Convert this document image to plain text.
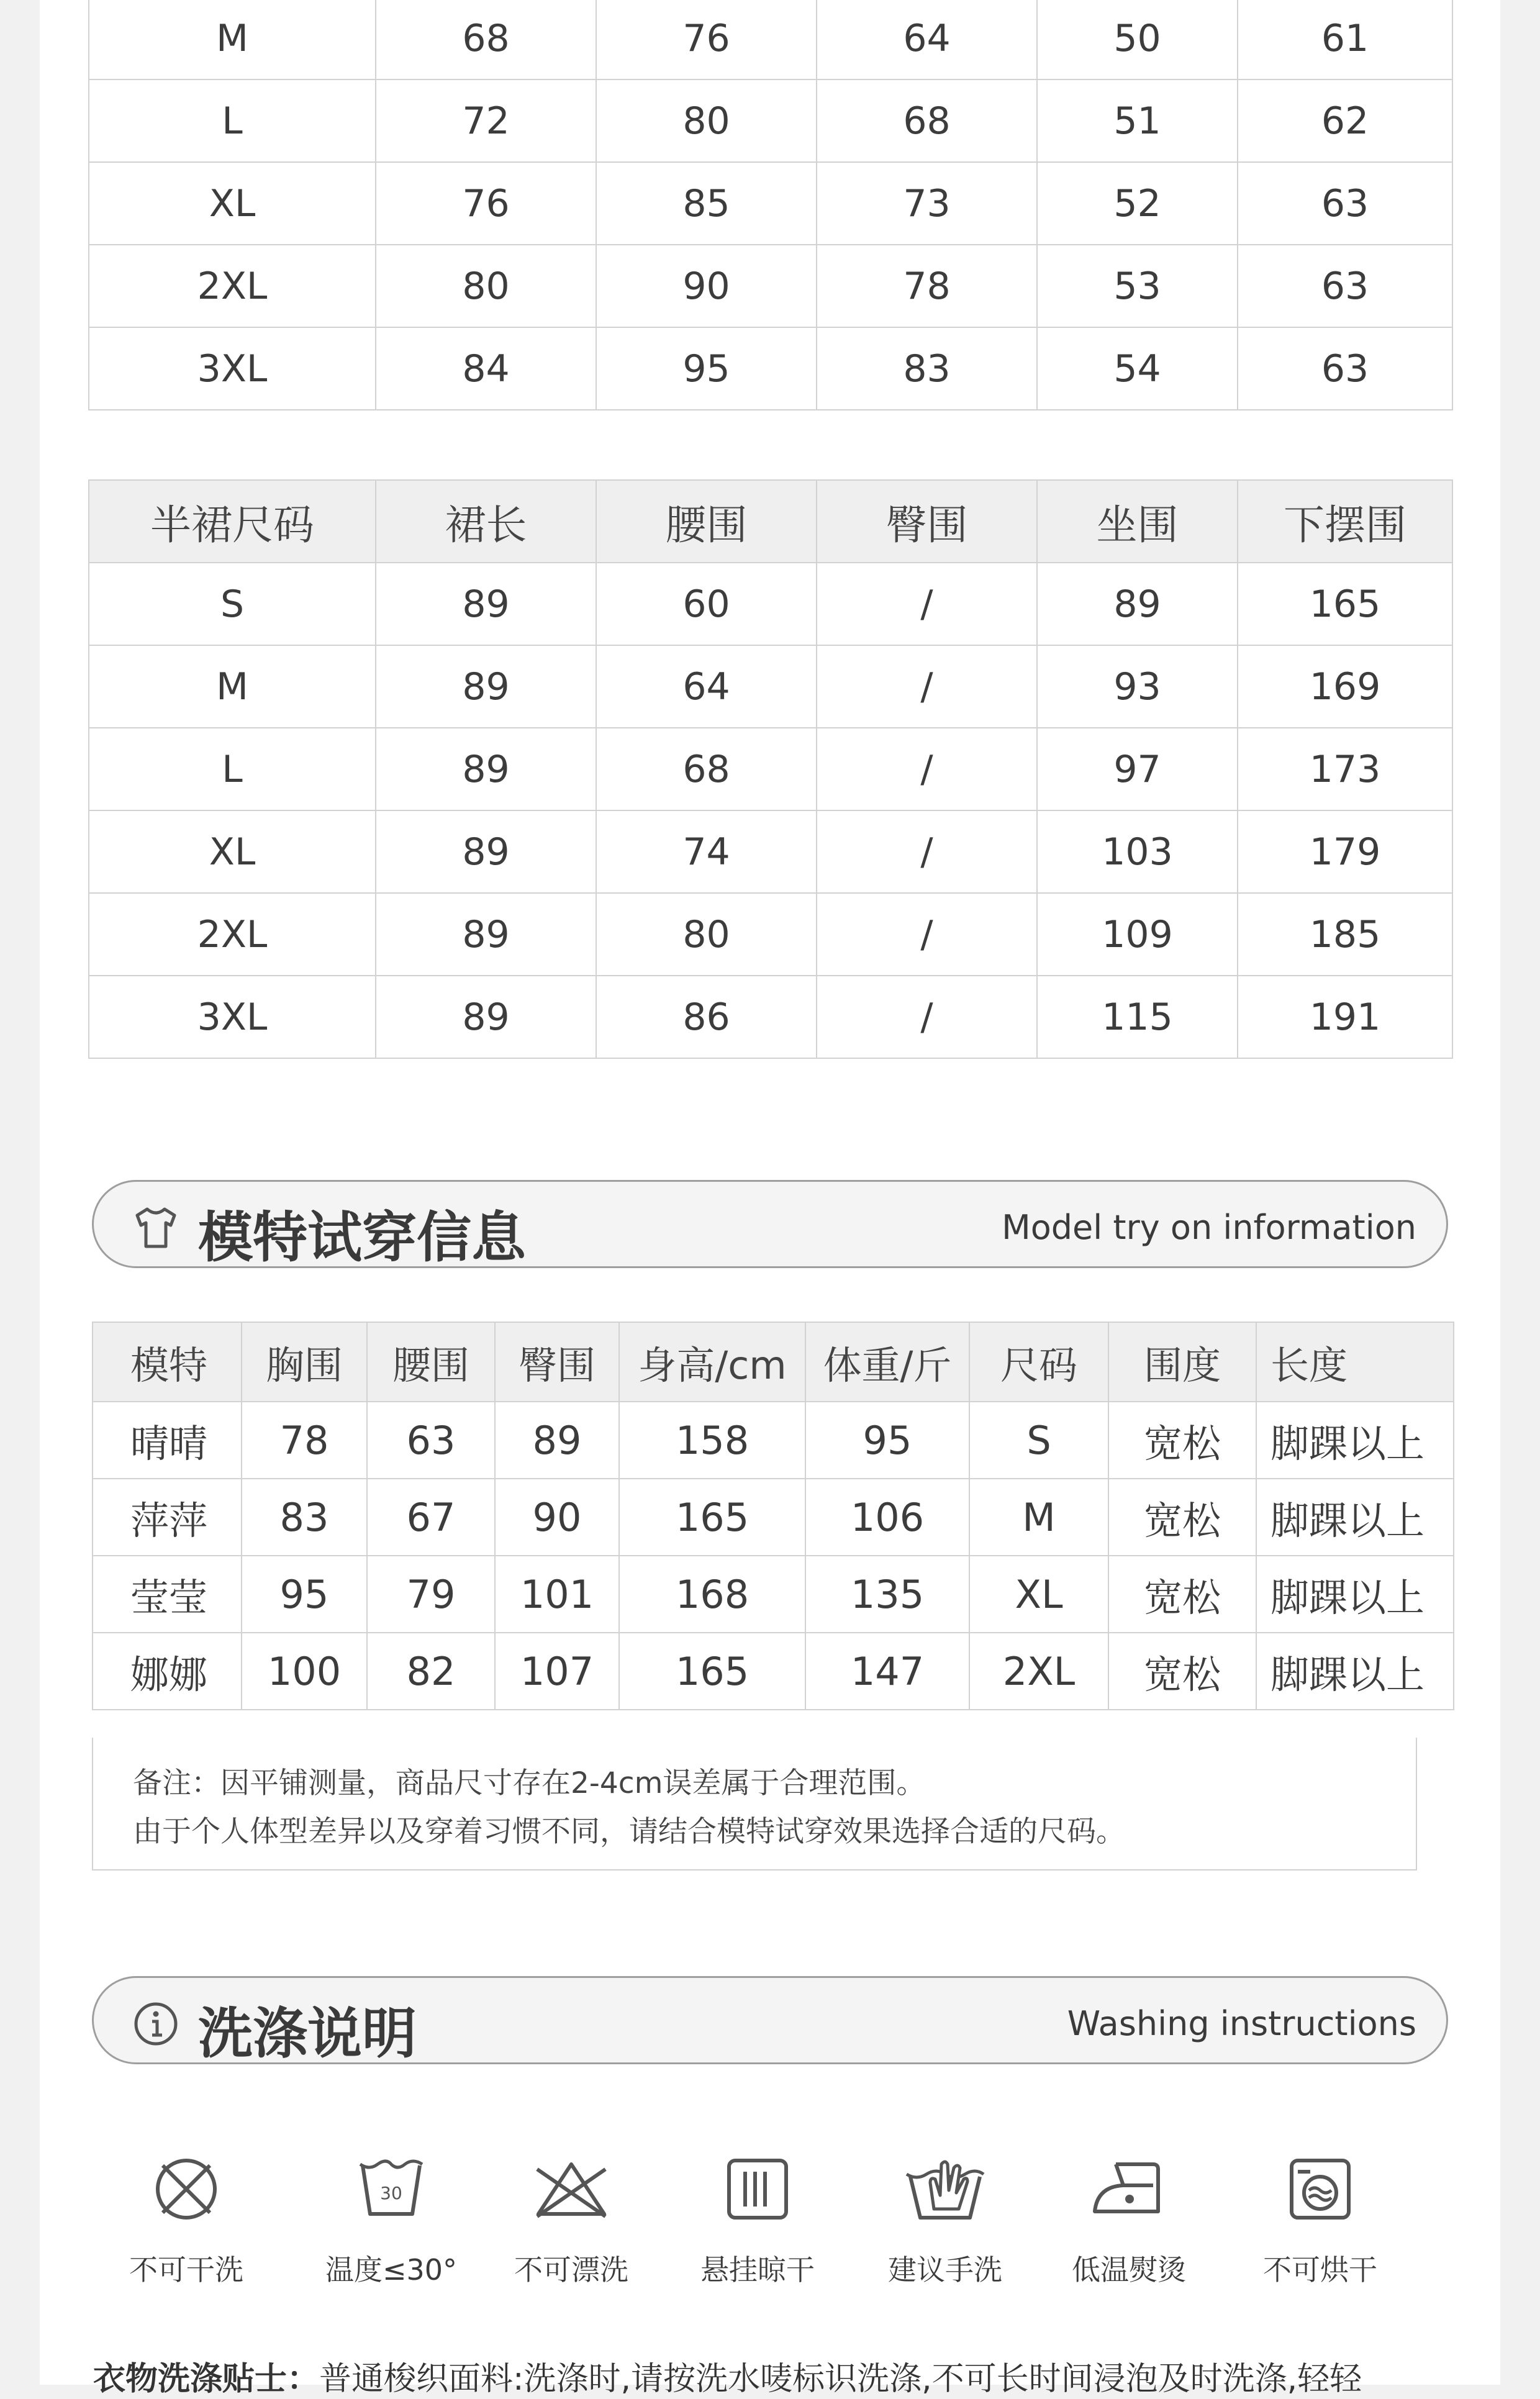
M	68	76	64	50	61
L	72	80	68	51	62
XL	76	85	73	52	63
2XL	80	90	78	53	63
3XL	84	95	83	54	63
半裙尺码	裙长	腰围	臀围	坐围	下摆围
S	89	60	/	89	165
M	89	64	/	93	169
L	89	68	/	97	173
XL	89	74	/	103	179
2XL	89	80	/	109	185
3XL	89	86	/	115	191
模特试穿信息	Model try on information
模特	胸围	腰围	臀围	身高/cm	体重/斤	尺码	围度	长度
晴晴	78	63	89	158	95	S	宽松	脚踝以上
萍萍	83	67	90	165	106	M	宽松	脚踝以上
莹莹	95	79	101	168	135	XL	宽松	脚踝以上
娜娜	100	82	107	165	147	2XL	宽松	脚踝以上
备注：因平铺测量，商品尺寸存在2-4cm误差属于合理范围。
由于个人体型差异以及穿着习惯不同，请结合模特试穿效果选择合适的尺码。
洗涤说明	Washing instructions
不可干洗
30
温度≤30°	不可漂洗	悬挂晾干	建议手洗	低温熨烫	不可烘干
衣物洗涤贴士：普通梭织面料:洗涤时,请按洗水唛标识洗涤,不可长时间浸泡及时洗涤,轻轻
